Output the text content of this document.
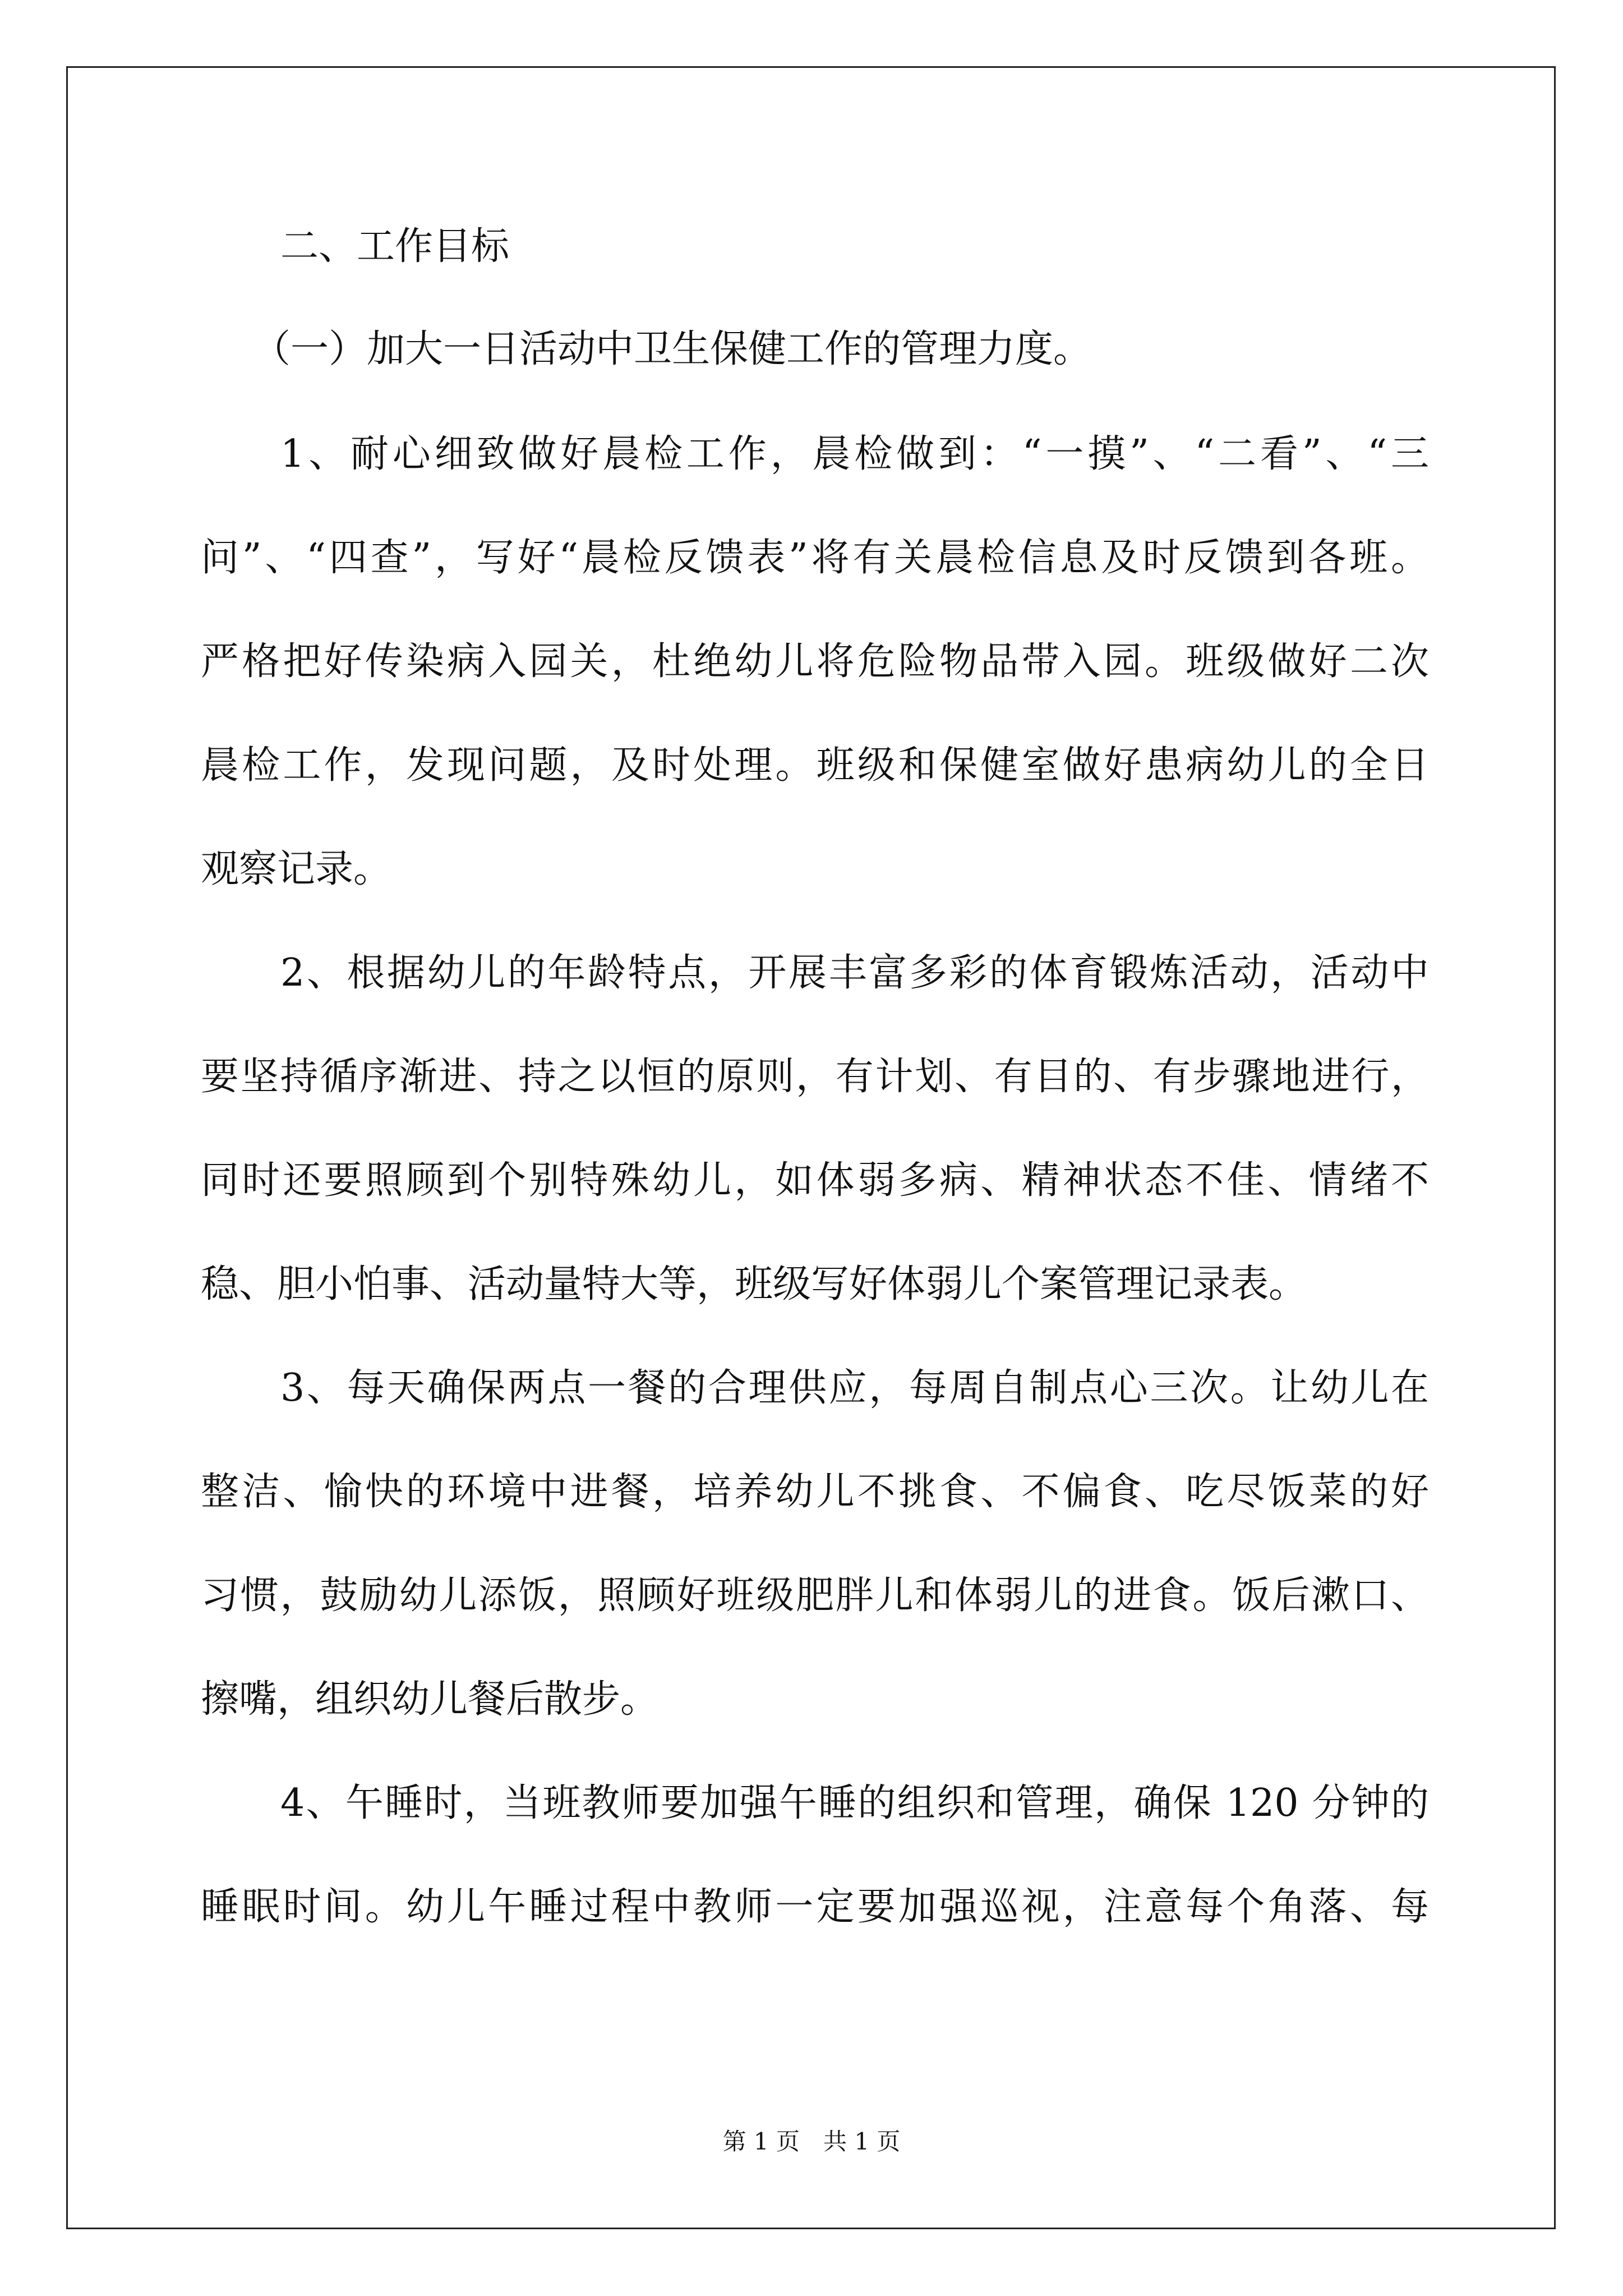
二、工作目标
（一）加大一日活动中卫生保健工作的管理力度。
1、耐心细致做好晨检工作，晨检做到：“一摸”、“二看”、“三
问”、“四查”，写好“晨检反馈表”将有关晨检信息及时反馈到各班。
严格把好传染病入园关，杜绝幼儿将危险物品带入园。班级做好二次
晨检工作，发现问题，及时处理。班级和保健室做好患病幼儿的全日
观察记录。
2、根据幼儿的年龄特点，开展丰富多彩的体育锻炼活动，活动中
要坚持循序渐进、持之以恒的原则，有计划、有目的、有步骤地进行，
同时还要照顾到个别特殊幼儿，如体弱多病、精神状态不佳、情绪不
稳、胆小怕事、活动量特大等，班级写好体弱儿个案管理记录表。
3、每天确保两点一餐的合理供应，每周自制点心三次。让幼儿在
整洁、愉快的环境中进餐，培养幼儿不挑食、不偏食、吃尽饭菜的好
习惯，鼓励幼儿添饭，照顾好班级肥胖儿和体弱儿的进食。饭后漱口、
擦嘴，组织幼儿餐后散步。
4、午睡时，当班教师要加强午睡的组织和管理，确保 120 分钟的
睡眠时间。幼儿午睡过程中教师一定要加强巡视，注意每个角落、每
第 1 页　共 1 页
